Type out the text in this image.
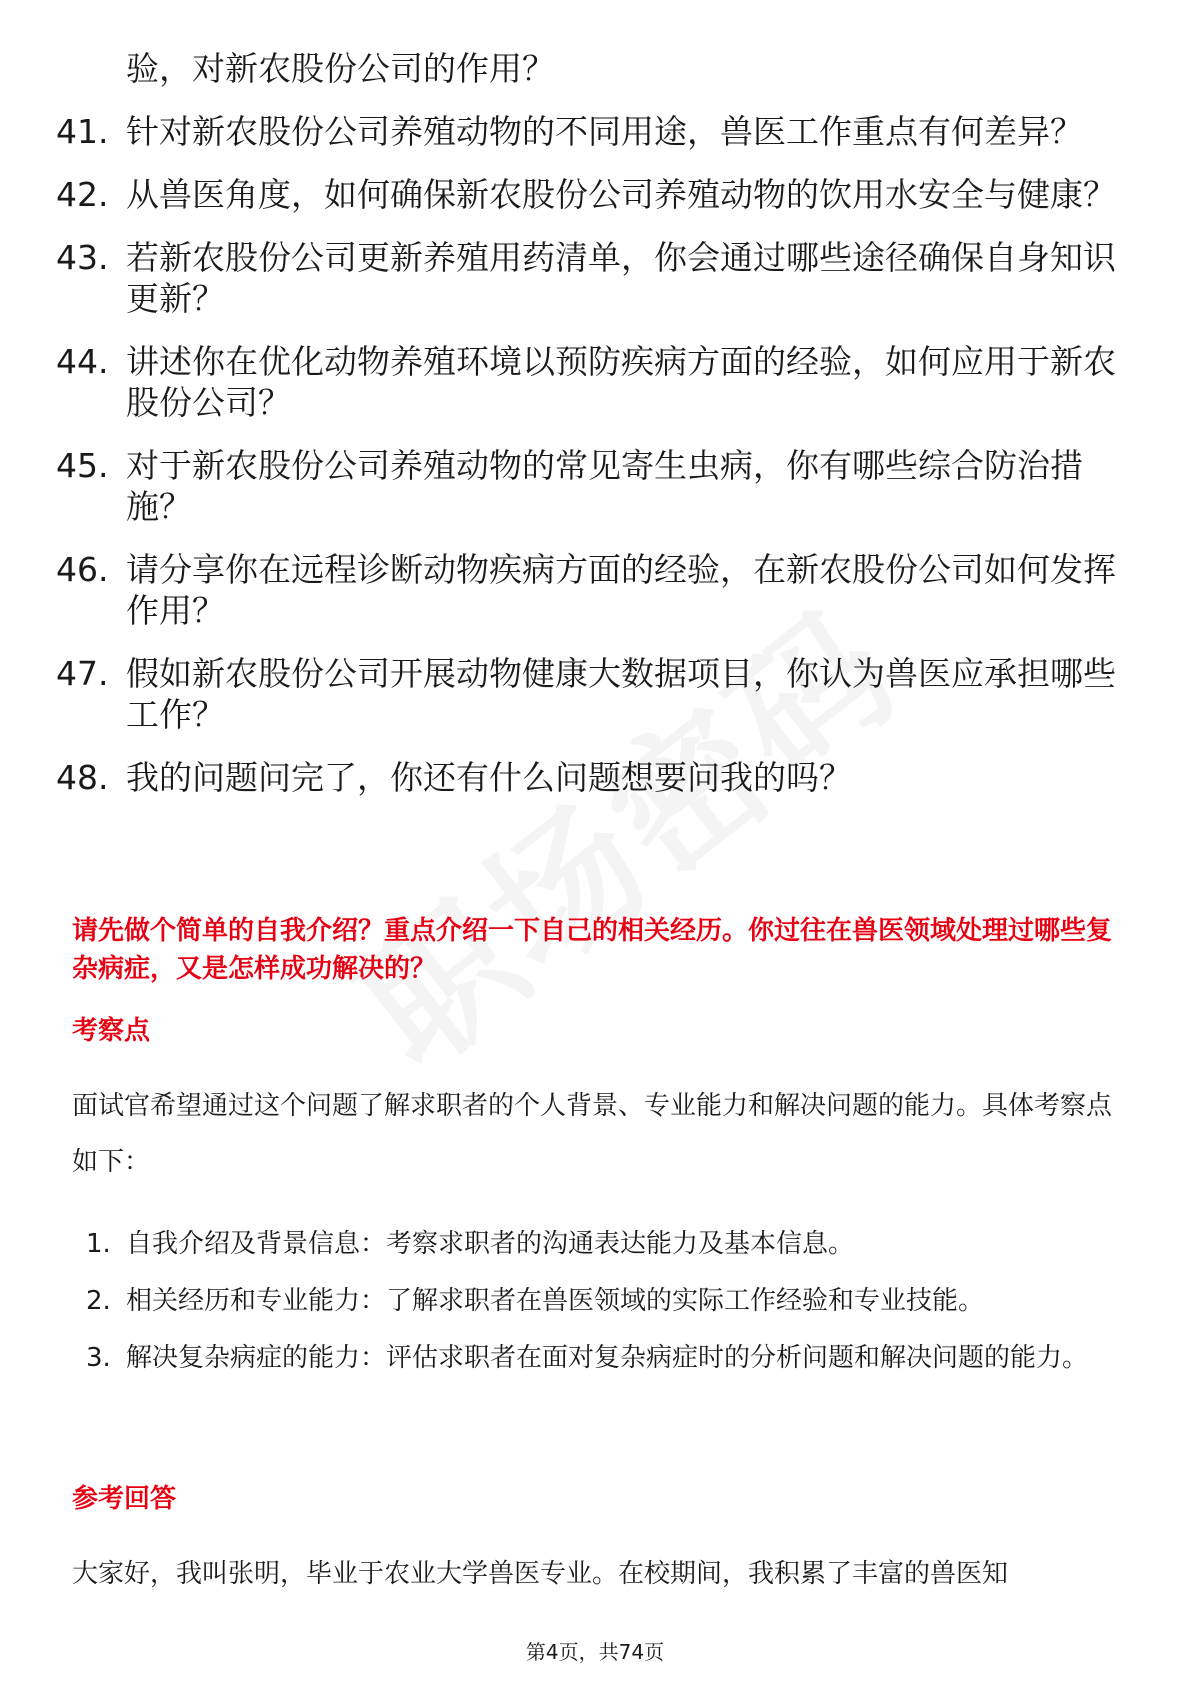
验，对新农股份公司的作用？
41. 针对新农股份公司养殖动物的不同用途，兽医工作重点有何差异？
42. 从兽医角度，如何确保新农股份公司养殖动物的饮用水安全与健康？
43. 若新农股份公司更新养殖用药清单，你会通过哪些途径确保自身知识更新？
44. 讲述你在优化动物养殖环境以预防疾病方面的经验，如何应用于新农股份公司？
45. 对于新农股份公司养殖动物的常见寄生虫病，你有哪些综合防治措施？
46. 请分享你在远程诊断动物疾病方面的经验，在新农股份公司如何发挥作用？
47. 假如新农股份公司开展动物健康大数据项目，你认为兽医应承担哪些工作？
48. 我的问题问完了，你还有什么问题想要问我的吗？
请先做个简单的自我介绍？重点介绍一下自己的相关经历。你过往在兽医领域处理过哪些复杂病症，又是怎样成功解决的？
考察点
面试官希望通过这个问题了解求职者的个人背景、专业能力和解决问题的能力。具体考察点如下：
1. 自我介绍及背景信息：考察求职者的沟通表达能力及基本信息。
2. 相关经历和专业能力：了解求职者在兽医领域的实际工作经验和专业技能。
3. 解决复杂病症的能力：评估求职者在面对复杂病症时的分析问题和解决问题的能力。
参考回答
大家好，我叫张明，毕业于农业大学兽医专业。在校期间，我积累了丰富的兽医知
第4页，共74页
